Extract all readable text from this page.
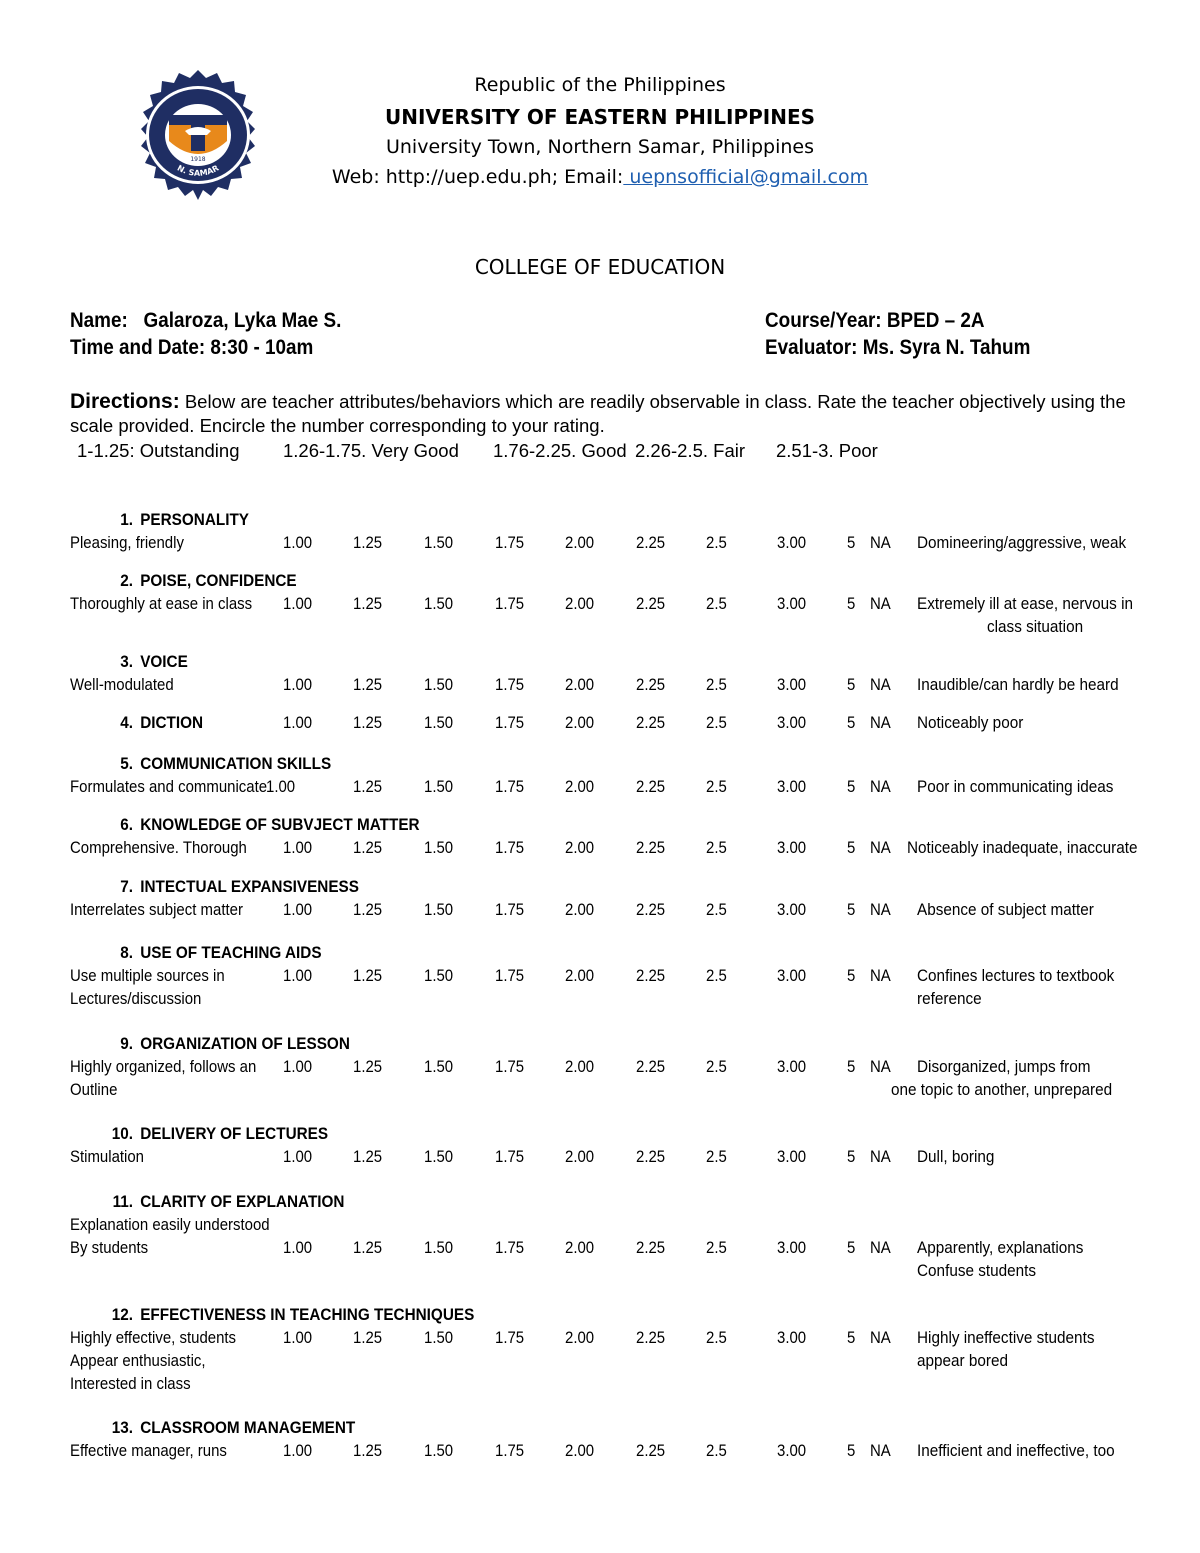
N. SAMAR
1918
Republic of the Philippines
UNIVERSITY OF EASTERN PHILIPPINES
University Town, Northern Samar, Philippines
Web: http://uep.edu.ph; Email: uepnsofficial@gmail.com
COLLEGE OF EDUCATION
Name: Galaroza, Lyka Mae S.
Time and Date: 8:30 - 10am
Course/Year: BPED – 2A
Evaluator: Ms. Syra N. Tahum
Directions: Below are teacher attributes/behaviors which are readily observable in class. Rate the teacher objectively using the scale provided. Encircle the number corresponding to your rating.
1-1.25: Outstanding 1.26-1.75. Very Good 1.76-2.25. Good 2.26-2.5. Fair 2.51-3. Poor
1. PERSONALITY
Pleasing, friendly	1.00 1.25 1.50 1.75 2.00 2.25 2.5	3.00 5 NA Domineering/aggressive, weak
2. POISE, CONFIDENCE
Thoroughly at ease in class 1.00 1.25 1.50 1.75 2.00 2.25 2.5	3.00 5 NA Extremely ill at ease, nervous in
class situation
3. VOICE
Well-modulated	1.00 1.25 1.50 1.75 2.00 2.25 2.5	3.00 5 NA Inaudible/can hardly be heard
4. DICTION	1.00 1.25 1.50 1.75 2.00 2.25 2.5	3.00 5 NA Noticeably poor
5. COMMUNICATION SKILLS
Formulates and communicate
1.00	1.25 1.50 1.75 2.00 2.25 2.5	3.00 5 NA Poor in communicating ideas
6. KNOWLEDGE OF SUBVJECT MATTER
Comprehensive. Thorough 1.00 1.25 1.50 1.75 2.00 2.25 2.5	3.00 5 NA Noticeably inadequate, inaccurate
7. INTECTUAL EXPANSIVENESS
Interrelates subject matter 1.00 1.25 1.50 1.75 2.00 2.25 2.5	3.00 5 NA Absence of subject matter
8. USE OF TEACHING AIDS
Use multiple sources in
Lectures/discussion
1.00 1.25 1.50 1.75 2.00 2.25 2.5	3.00 5 NA Confines lectures to textbook
reference
9. ORGANIZATION OF LESSON
Highly organized, follows an
Outline
1.00 1.25 1.50 1.75 2.00 2.25 2.5	3.00 5 NA Disorganized, jumps from
one topic to another, unprepared
10. DELIVERY OF LECTURES
Stimulation	1.00 1.25 1.50 1.75 2.00 2.25 2.5	3.00 5 NA Dull, boring
11. CLARITY OF EXPLANATION
Explanation easily understood
By students	1.00 1.25 1.50 1.75 2.00 2.25 2.5	3.00 5 NA Apparently, explanations
Confuse students
12. EFFECTIVENESS IN TEACHING TECHNIQUES
Highly effective, students
Appear enthusiastic,
Interested in class
1.00 1.25 1.50 1.75 2.00 2.25 2.5	3.00 5 NA Highly ineffective students
appear bored
13. CLASSROOM MANAGEMENT
Effective manager, runs	1.00 1.25 1.50 1.75 2.00 2.25 2.5	3.00 5 NA Inefficient and ineffective, too
